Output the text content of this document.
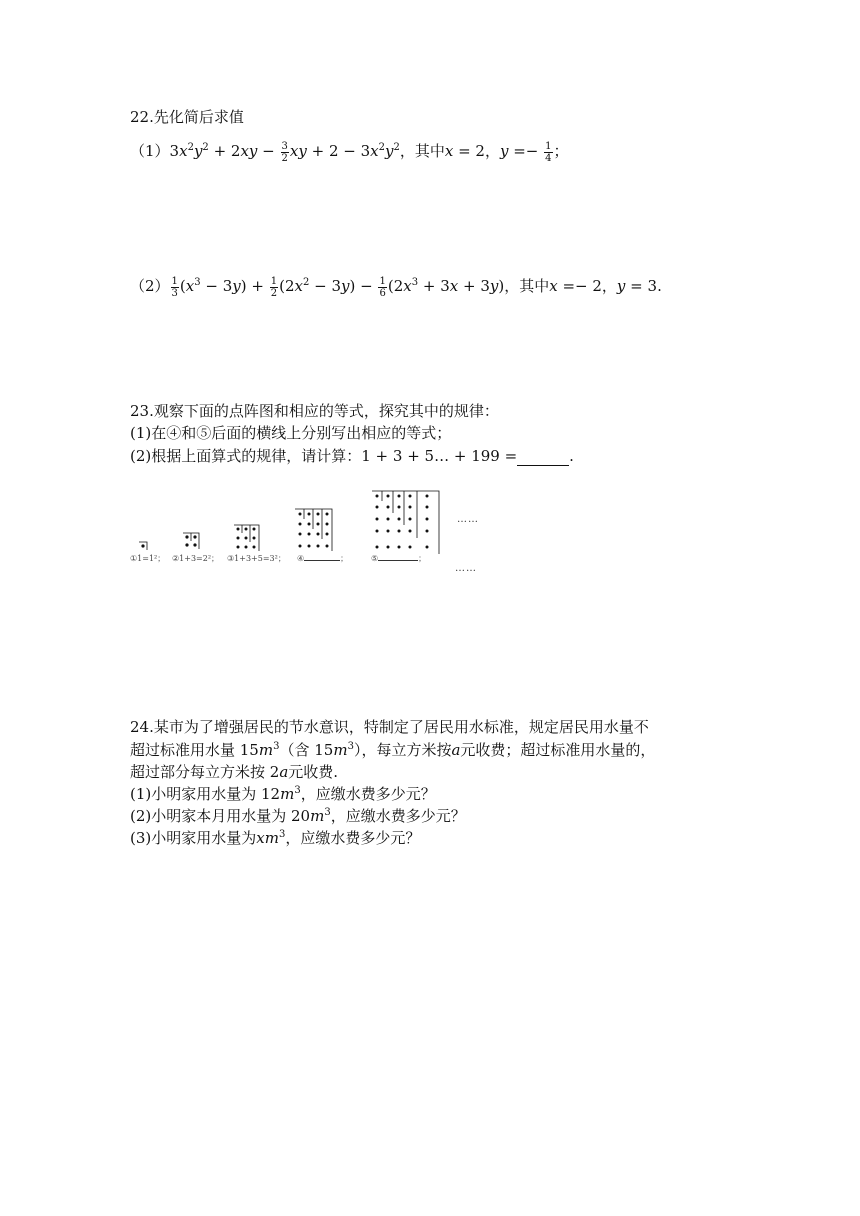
22.先化简后求值
$(1)3x^2y^2 + 2xy - \frac{3}{2}$ xy + $2 - 3x^2y^2$，其中x = 2，$y =- \frac{1}{4}$ ；
$(2) \frac{1}{3} (x^3 - 3y) + \frac{1}{2} (2x^2 - 3y) - \frac{1}{6} (2x^3 + 3x + 3y)$，其中x =− 2，y = 3.
23.观察下面的点阵图和相应的等式，探究其中的规律：
(1)在④和⑤后面的横线上分别写出相应的等式；
(2)根据上面算式的规律，请计算：1 + 3 + 5… + 199 =	.
……
①1=1²； ②1+3=2²； ③1+3+5=3²； ④	；	⑤	；
……
24.某市为了增强居民的节水意识，特制定了居民用水标准，规定居民用水量不
超过标准用水量 $15m^3$（含 $15m^3$），每立方米按a元收费；超过标准用水量的，
超过部分每立方米按 2a元收费.
(1)小明家用水量为 $12m^3$，应缴水费多少元？
(2)小明家本月用水量为 $20m^3$，应缴水费多少元？
(3)小明家用水量为$xm^3$，应缴水费多少元？
